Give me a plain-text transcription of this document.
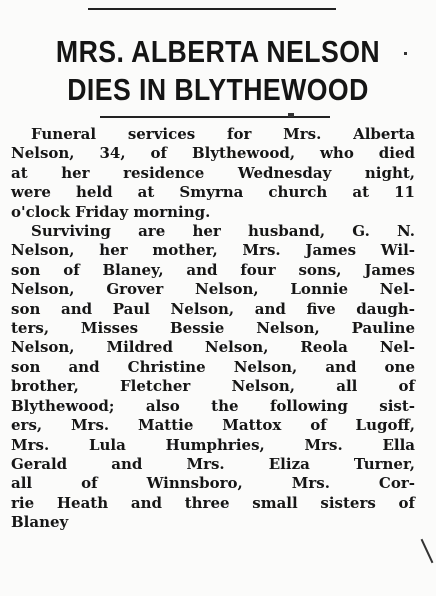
MRS. ALBERTA NELSON
DIES IN BLYTHEWOOD
Funeral services for Mrs. Alberta
Nelson, 34, of Blythewood, who died
at her residence Wednesday night,
were held at Smyrna church at 11
o'clock Friday morning.
Surviving are her husband, G. N.
Nelson, her mother, Mrs. James Wil-
son of Blaney, and four sons, James
Nelson, Grover Nelson, Lonnie Nel-
son and Paul Nelson, and five daugh-
ters, Misses Bessie Nelson, Pauline
Nelson, Mildred Nelson, Reola Nel-
son and Christine Nelson, and one
brother, Fletcher Nelson, all of
Blythewood; also the following sist-
ers, Mrs. Mattie Mattox of Lugoff,
Mrs. Lula Humphries, Mrs. Ella
Gerald and Mrs. Eliza Turner,
all of Winnsboro, Mrs. Cor-
rie Heath and three small sisters of
Blaney
